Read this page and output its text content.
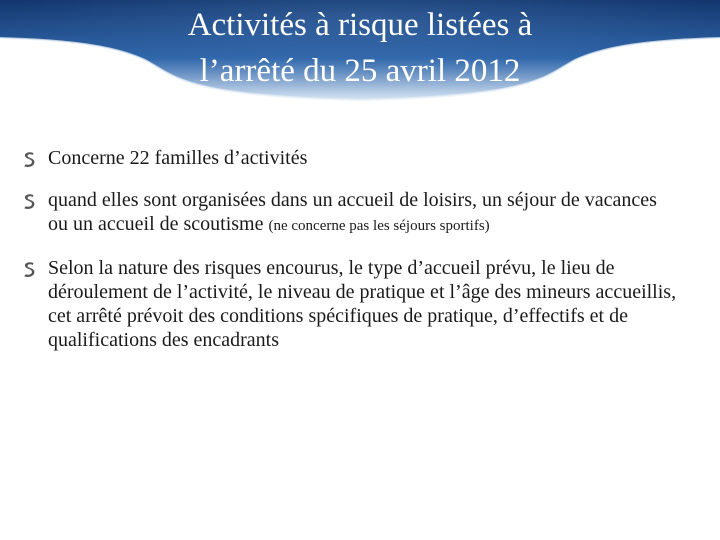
Activités à risque listées à
l’arrêté du 25 avril 2012
Concerne 22 familles d’activités
quand elles sont organisées dans un accueil de loisirs, un séjour de vacances ou un accueil de scoutisme (ne concerne pas les séjours sportifs)
Selon la nature des risques encourus, le type d’accueil prévu, le lieu de déroulement de l’activité, le niveau de pratique et l’âge des mineurs accueillis, cet arrêté prévoit des conditions spécifiques de pratique, d’effectifs et de qualifications des encadrants
